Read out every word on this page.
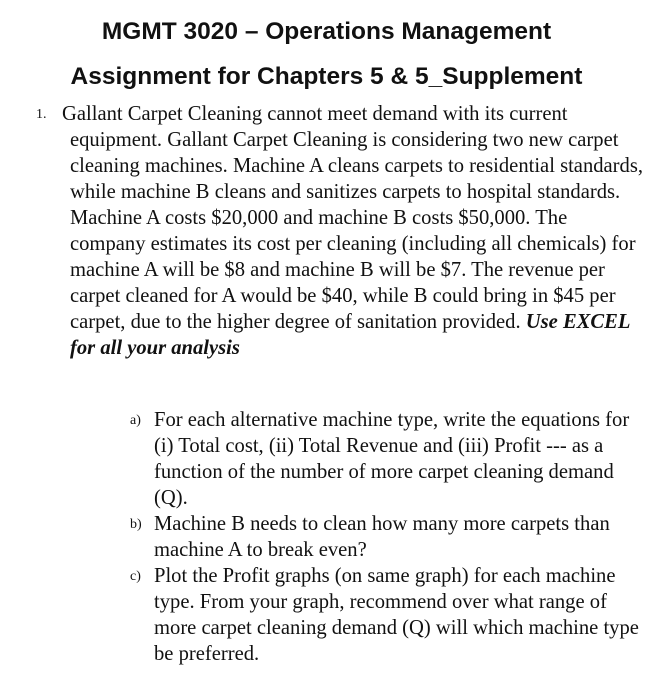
MGMT 3020 – Operations Management
Assignment for Chapters 5 & 5_Supplement
1. Gallant Carpet Cleaning cannot meet demand with its current equipment. Gallant Carpet Cleaning is considering two new carpet cleaning machines. Machine A cleans carpets to residential standards, while machine B cleans and sanitizes carpets to hospital standards. Machine A costs $20,000 and machine B costs $50,000. The company estimates its cost per cleaning (including all chemicals) for machine A will be $8 and machine B will be $7. The revenue per carpet cleaned for A would be $40, while B could bring in $45 per carpet, due to the higher degree of sanitation provided. Use EXCEL for all your analysis
a) For each alternative machine type, write the equations for (i) Total cost, (ii) Total Revenue and (iii) Profit --- as a function of the number of more carpet cleaning demand (Q).
b) Machine B needs to clean how many more carpets than machine A to break even?
c) Plot the Profit graphs (on same graph) for each machine type. From your graph, recommend over what range of more carpet cleaning demand (Q) will which machine type be preferred.
